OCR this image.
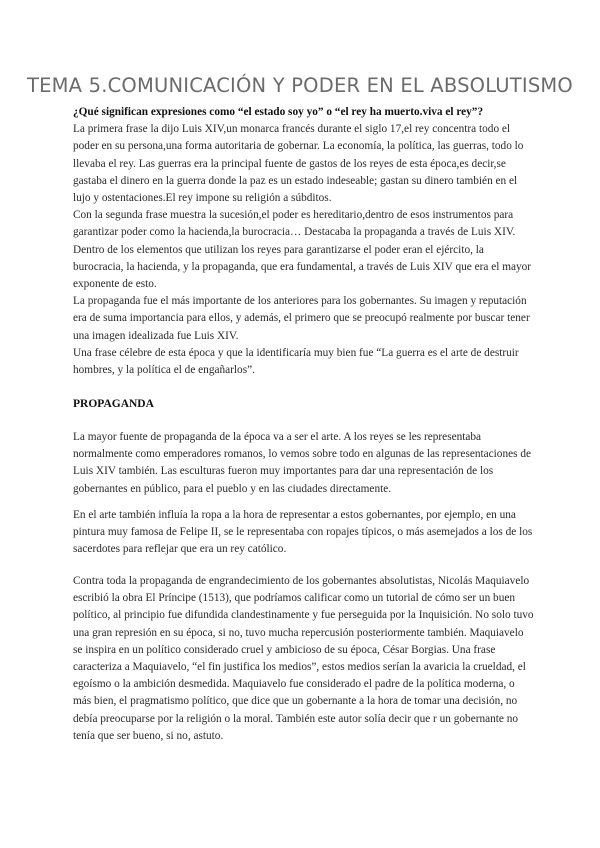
TEMA 5.COMUNICACIÓN Y PODER EN EL ABSOLUTISMO

¿Qué significan expresiones como “el estado soy yo” o “el rey ha muerto.viva el rey”?

La primera frase la dijo Luis XIV,un monarca francés durante el siglo 17,el rey concentra todo el poder en su persona,una forma autoritaria de gobernar. La economía, la política, las guerras, todo lo llevaba el rey. Las guerras era la principal fuente de gastos de los reyes de esta época,es decir,se gastaba el dinero en la guerra donde la paz es un estado indeseable; gastan su dinero también en el lujo y ostentaciones.El rey impone su religión a súbditos.

Con la segunda frase muestra la sucesión,el poder es hereditario,dentro de esos instrumentos para garantizar poder como la hacienda,la burocracia… Destacaba la propaganda a través de Luis XIV.

Dentro de los elementos que utilizan los reyes para garantizarse el poder eran el ejército, la burocracia, la hacienda, y la propaganda, que era fundamental, a través de Luis XIV que era el mayor exponente de esto.

La propaganda fue el más importante de los anteriores para los gobernantes. Su imagen y reputación era de suma importancia para ellos, y además, el primero que se preocupó realmente por buscar tener una imagen idealizada fue Luis XIV.

Una frase célebre de esta época y que la identificaría muy bien fue “La guerra es el arte de destruir hombres, y la política el de engañarlos”.

PROPAGANDA
La mayor fuente de propaganda de la época va a ser el arte. A los reyes se les representaba normalmente como emperadores romanos, lo vemos sobre todo en algunas de las representaciones de Luis XIV también. Las esculturas fueron muy importantes para dar una representación de los gobernantes en público, para el pueblo y en las ciudades directamente.
En el arte también influía la ropa a la hora de representar a estos gobernantes, por ejemplo, en una pintura muy famosa de Felipe II, se le representaba con ropajes típicos, o más asemejados a los de los sacerdotes para reflejar que era un rey católico.
Contra toda la propaganda de engrandecimiento de los gobernantes absolutistas, Nicolás Maquiavelo escribió la obra El Príncipe (1513), que podríamos calificar como un tutorial de cómo ser un buen político, al principio fue difundida clandestinamente y fue perseguida por la Inquisición. No solo tuvo una gran represión en su época, si no, tuvo mucha repercusión posteriormente también. Maquiavelo se inspira en un político considerado cruel y ambicioso de su época, César Borgias. Una frase caracteriza a Maquiavelo, “el fin justifica los medios”, estos medios serían la avaricia la crueldad, el egoísmo o la ambición desmedida. Maquiavelo fue considerado el padre de la política moderna, o más bien, el pragmatismo político, que dice que un gobernante a la hora de tomar una decisión, no debía preocuparse por la religión o la moral. También este autor solía decir que r un gobernante no tenía que ser bueno, si no, astuto.
